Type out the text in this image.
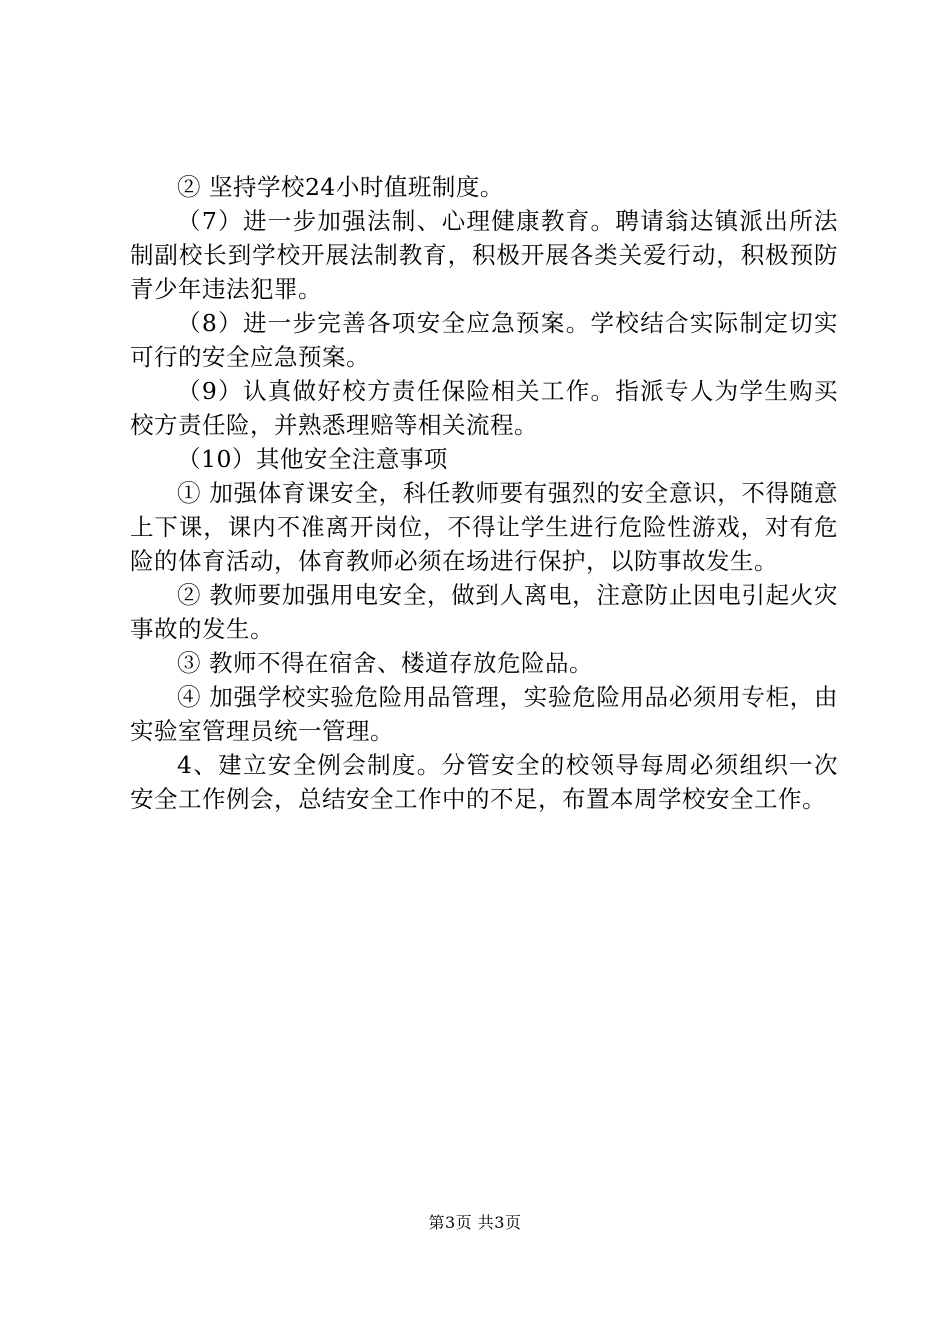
② 坚持学校24小时值班制度。

（7）进一步加强法制、心理健康教育。聘请翁达镇派出所法制副校长到学校开展法制教育，积极开展各类关爱行动，积极预防青少年违法犯罪。

（8）进一步完善各项安全应急预案。学校结合实际制定切实可行的安全应急预案。

（9）认真做好校方责任保险相关工作。指派专人为学生购买校方责任险，并熟悉理赔等相关流程。

（10）其他安全注意事项

① 加强体育课安全，科任教师要有强烈的安全意识，不得随意上下课，课内不准离开岗位，不得让学生进行危险性游戏，对有危险的体育活动，体育教师必须在场进行保护，以防事故发生。

② 教师要加强用电安全，做到人离电，注意防止因电引起火灾事故的发生。

③ 教师不得在宿舍、楼道存放危险品。

④ 加强学校实验危险用品管理，实验危险用品必须用专柜，由实验室管理员统一管理。

4、建立安全例会制度。分管安全的校领导每周必须组织一次安全工作例会，总结安全工作中的不足，布置本周学校安全工作。

第3页 共3页
